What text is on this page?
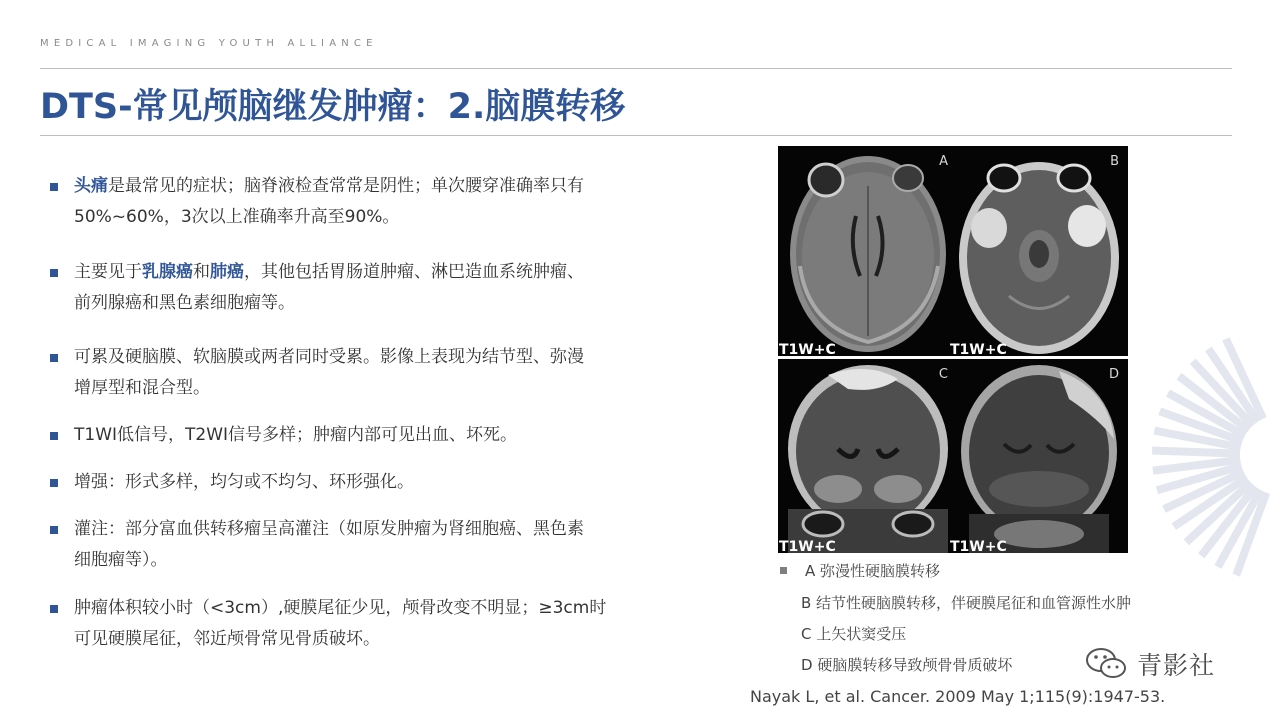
MEDICAL IMAGING YOUTH ALLIANCE
DTS-常见颅脑继发肿瘤：2.脑膜转移
头痛是最常见的症状；脑脊液检查常常是阴性；单次腰穿准确率只有
50%~60%，3次以上准确率升高至90%。
主要见于乳腺癌和肺癌，其他包括胃肠道肿瘤、淋巴造血系统肿瘤、
前列腺癌和黑色素细胞瘤等。
可累及硬脑膜、软脑膜或两者同时受累。影像上表现为结节型、弥漫
增厚型和混合型。
T1WI低信号，T2WI信号多样；肿瘤内部可见出血、坏死。
增强：形式多样，均匀或不均匀、环形强化。
灌注：部分富血供转移瘤呈高灌注（如原发肿瘤为肾细胞癌、黑色素
细胞瘤等）。
肿瘤体积较小时（<3cm）,硬膜尾征少见，颅骨改变不明显；≥3cm时
可见硬膜尾征，邻近颅骨常见骨质破坏。
A
T1W+C
B
T1W+C
C
T1W+C
D
T1W+C
A 弥漫性硬脑膜转移
B 结节性硬脑膜转移，伴硬膜尾征和血管源性水肿
C 上矢状窦受压
D 硬脑膜转移导致颅骨骨质破坏
Nayak L, et al. Cancer. 2009 May 1;115(9):1947-53.
青影社
